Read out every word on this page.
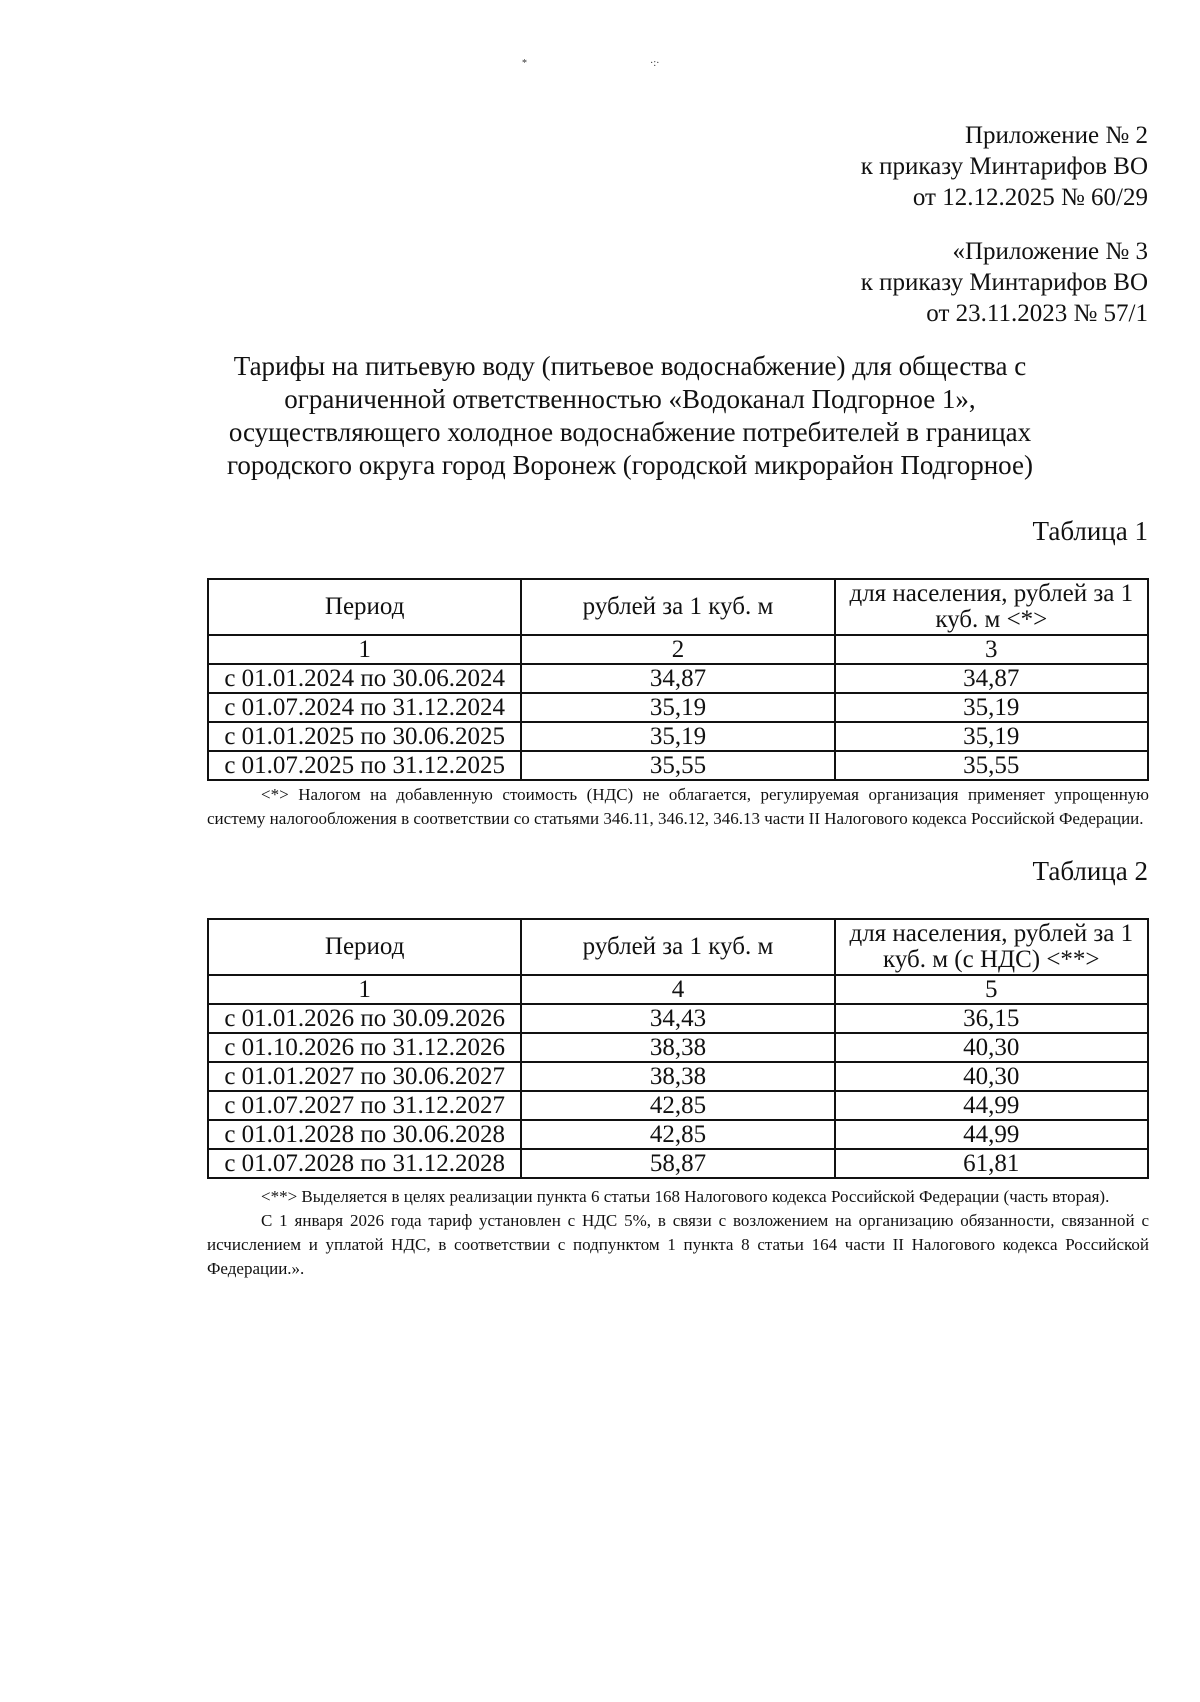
*	·:·
Приложение № 2
к приказу Минтарифов ВО
от 12.12.2025 № 60/29
«Приложение № 3
к приказу Минтарифов ВО
от 23.11.2023 № 57/1
Тарифы на питьевую воду (питьевое водоснабжение) для общества с
ограниченной ответственностью «Водоканал Подгорное 1»,
осуществляющего холодное водоснабжение потребителей в границах
городского округа город Воронеж (городской микрорайон Подгорное)
Таблица 1
Период	рублей за 1 куб. м	для населения, рублей за 1 куб. м <*>
1	2	3
с 01.01.2024 по 30.06.2024	34,87	34,87
с 01.07.2024 по 31.12.2024	35,19	35,19
с 01.01.2025 по 30.06.2025	35,19	35,19
с 01.07.2025 по 31.12.2025	35,55	35,55

<*> Налогом на добавленную стоимость (НДС) не облагается, регулируемая организация применяет упрощенную систему налогообложения в соответствии со статьями 346.11, 346.12, 346.13 части II Налогового кодекса Российской Федерации.

Таблица 2
Период	рублей за 1 куб. м	для населения, рублей за 1 куб. м (с НДС) <**>
1	4	5
с 01.01.2026 по 30.09.2026	34,43	36,15
с 01.10.2026 по 31.12.2026	38,38	40,30
с 01.01.2027 по 30.06.2027	38,38	40,30
с 01.07.2027 по 31.12.2027	42,85	44,99
с 01.01.2028 по 30.06.2028	42,85	44,99
с 01.07.2028 по 31.12.2028	58,87	61,81

<**> Выделяется в целях реализации пункта 6 статьи 168 Налогового кодекса Российской Федерации (часть вторая).

С 1 января 2026 года тариф установлен с НДС 5%, в связи с возложением на организацию обязанности, связанной с исчислением и уплатой НДС, в соответствии с подпунктом 1 пункта 8 статьи 164 части II Налогового кодекса Российской Федерации.».
